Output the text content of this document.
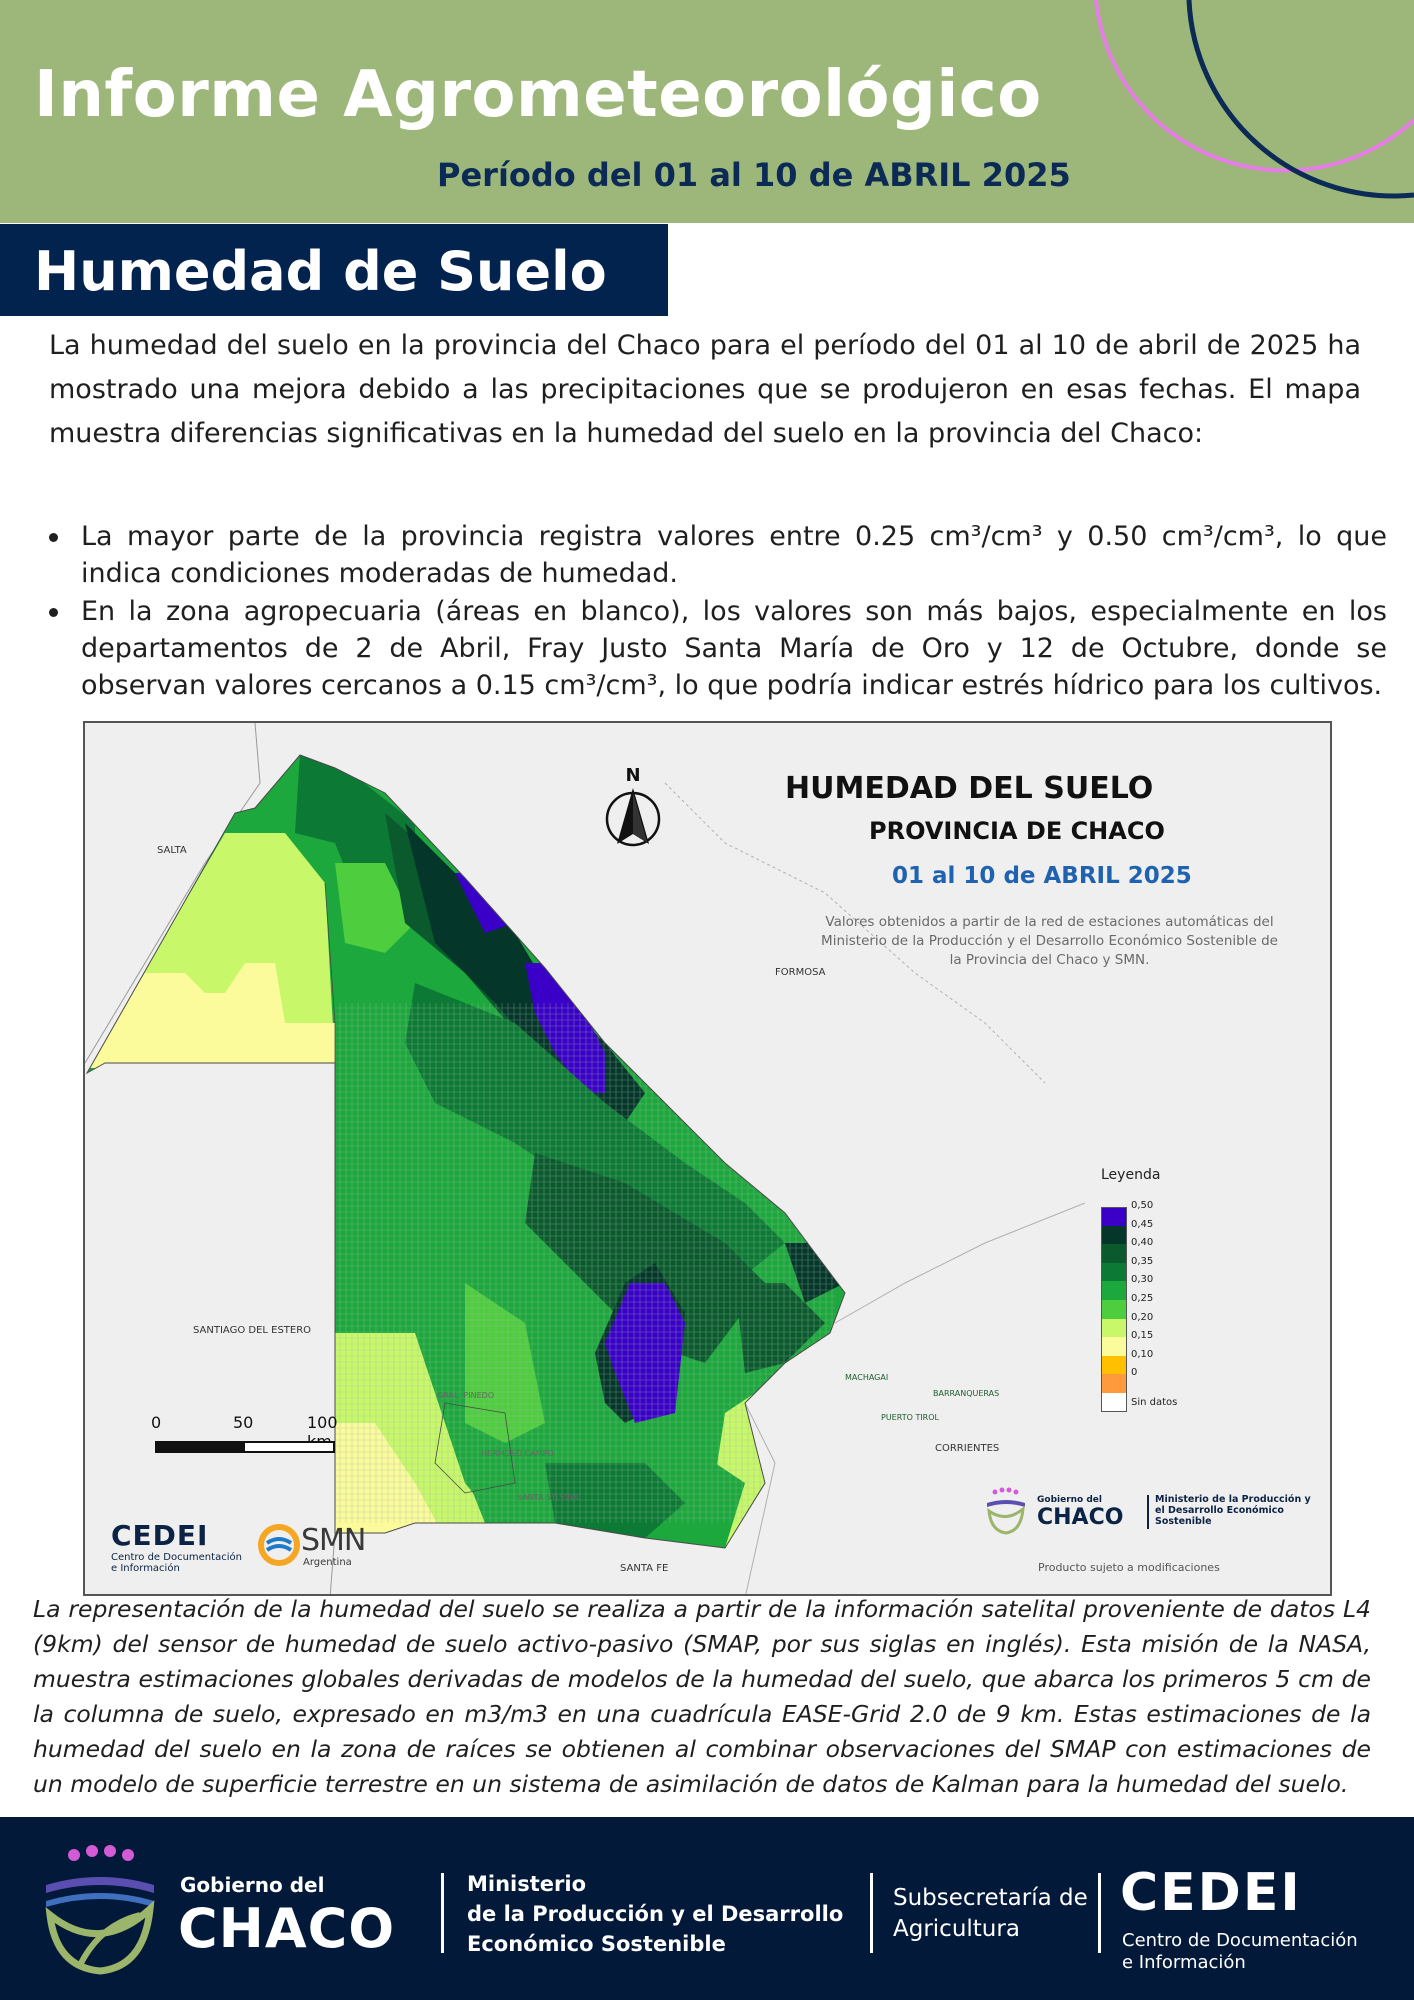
Informe Agrometeorológico
Período del 01 al 10 de ABRIL 2025
Humedad de Suelo
La humedad del suelo en la provincia del Chaco para el período del 01 al 10 de abril de 2025 ha mostrado una mejora debido a las precipitaciones que se produjeron en esas fechas. El mapa muestra diferencias significativas en la humedad del suelo en la provincia del Chaco:
La mayor parte de la provincia registra valores entre 0.25 cm³/cm³ y 0.50 cm³/cm³, lo que indica condiciones moderadas de humedad.
En la zona agropecuaria (áreas en blanco), los valores son más bajos, especialmente en los departamentos de 2 de Abril, Fray Justo Santa María de Oro y 12 de Octubre, donde se observan valores cercanos a 0.15 cm³/cm³, lo que podría indicar estrés hídrico para los cultivos.
N	HUMEDAD DEL SUELO
PROVINCIA DE CHACO
01 al 10 de ABRIL 2025
Valores obtenidos a partir de la red de estaciones automáticas del Ministerio de la Producción y el Desarrollo Económico Sostenible de la Provincia del Chaco y SMN.
SALTA
FORMOSA
SANTIAGO DEL ESTERO
CORRIENTES
SANTA FE
GRAL. PINEDO
HERMOSO CAMPO
SANTA SYLVINA
MACHAGAI
PUERTO TIROL
BARRANQUERAS
Leyenda
0,50
0,45
0,40
0,35
0,30
0,25
0,20
0,15
0,10
0
Sin datos
0	50	100
CEDEI
Centro de Documentación e Información
SMN
Argentina
Gobierno del
CHACO
Ministerio de la Producción y el Desarrollo Económico Sostenible
Producto sujeto a modificaciones
La representación de la humedad del suelo se realiza a partir de la información satelital proveniente de datos L4 (9km) del sensor de humedad de suelo activo-pasivo (SMAP, por sus siglas en inglés). Esta misión de la NASA, muestra estimaciones globales derivadas de modelos de la humedad del suelo, que abarca los primeros 5 cm de la columna de suelo, expresado en m3/m3 en una cuadrícula EASE-Grid 2.0 de 9 km. Estas estimaciones de la humedad del suelo en la zona de raíces se obtienen al combinar observaciones del SMAP con estimaciones de un modelo de superficie terrestre en un sistema de asimilación de datos de Kalman para la humedad del suelo.
Gobierno del
CHACO
Ministerio
de la Producción y el Desarrollo
Económico Sostenible
Subsecretaría de
Agricultura
CEDEI
Centro de Documentación
e Información
